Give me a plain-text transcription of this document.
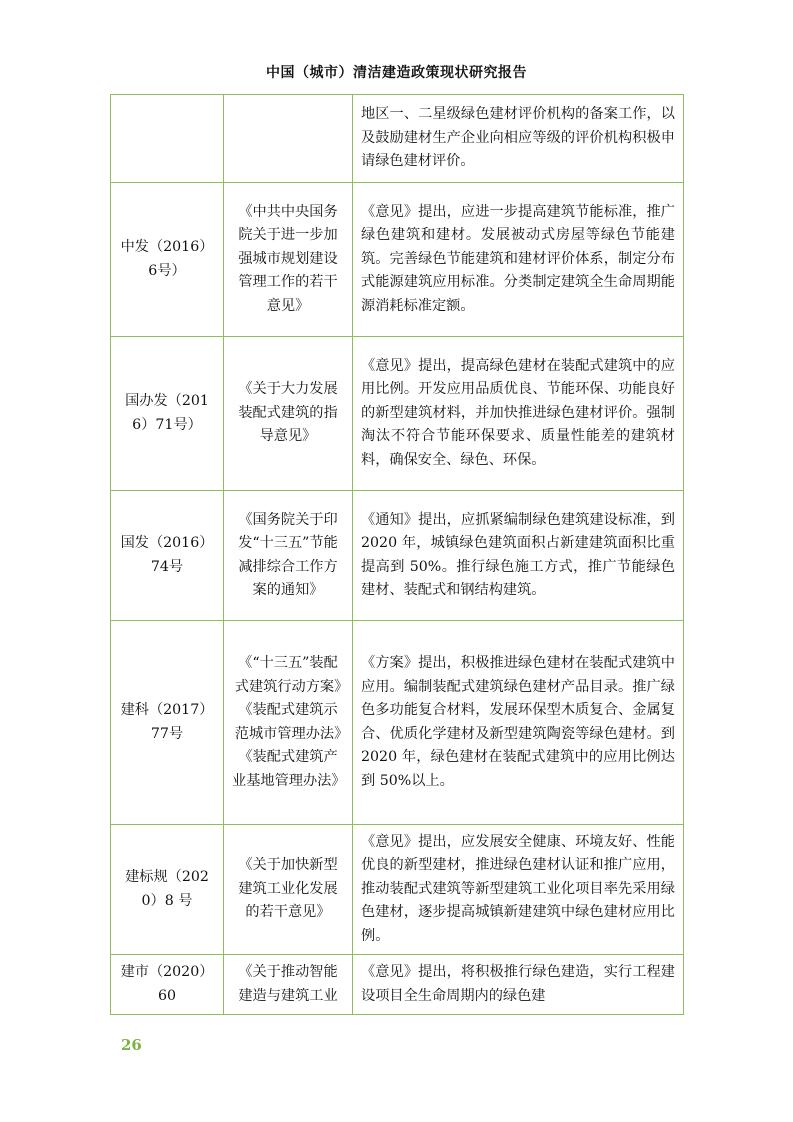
中国（城市）清洁建造政策现状研究报告
		地区一、二星级绿色建材评价机构的备案工作，以及鼓励建材生产企业向相应等级的评价机构积极申请绿色建材评价。
中发（2016）6号）	《中共中央国务院关于进一步加强城市规划建设管理工作的若干意见》	《意见》提出，应进一步提高建筑节能标准，推广绿色建筑和建材。发展被动式房屋等绿色节能建筑。完善绿色节能建筑和建材评价体系，制定分布式能源建筑应用标准。分类制定建筑全生命周期能源消耗标准定额。
国办发（2016）71号）	《关于大力发展装配式建筑的指导意见》	《意见》提出，提高绿色建材在装配式建筑中的应用比例。开发应用品质优良、节能环保、功能良好的新型建筑材料，并加快推进绿色建材评价。强制淘汰不符合节能环保要求、质量性能差的建筑材料，确保安全、绿色、环保。
国发（2016）74号	《国务院关于印发“十三五”节能减排综合工作方案的通知》	《通知》提出，应抓紧编制绿色建筑建设标准，到 2020 年，城镇绿色建筑面积占新建建筑面积比重提高到 50%。推行绿色施工方式，推广节能绿色建材、装配式和钢结构建筑。
建科（2017）77号	《“十三五”装配式建筑行动方案》《装配式建筑示范城市管理办法》《装配式建筑产业基地管理办法》	《方案》提出，积极推进绿色建材在装配式建筑中应用。编制装配式建筑绿色建材产品目录。推广绿色多功能复合材料，发展环保型木质复合、金属复合、优质化学建材及新型建筑陶瓷等绿色建材。到 2020 年，绿色建材在装配式建筑中的应用比例达到 50%以上。
建标规（2020）8 号	《关于加快新型建筑工业化发展的若干意见》	《意见》提出，应发展安全健康、环境友好、性能优良的新型建材，推进绿色建材认证和推广应用，推动装配式建筑等新型建筑工业化项目率先采用绿色建材，逐步提高城镇新建建筑中绿色建材应用比例。
建市（2020）60	《关于推动智能建造与建筑工业	《意见》提出，将积极推行绿色建造，实行工程建设项目全生命周期内的绿色建
26
